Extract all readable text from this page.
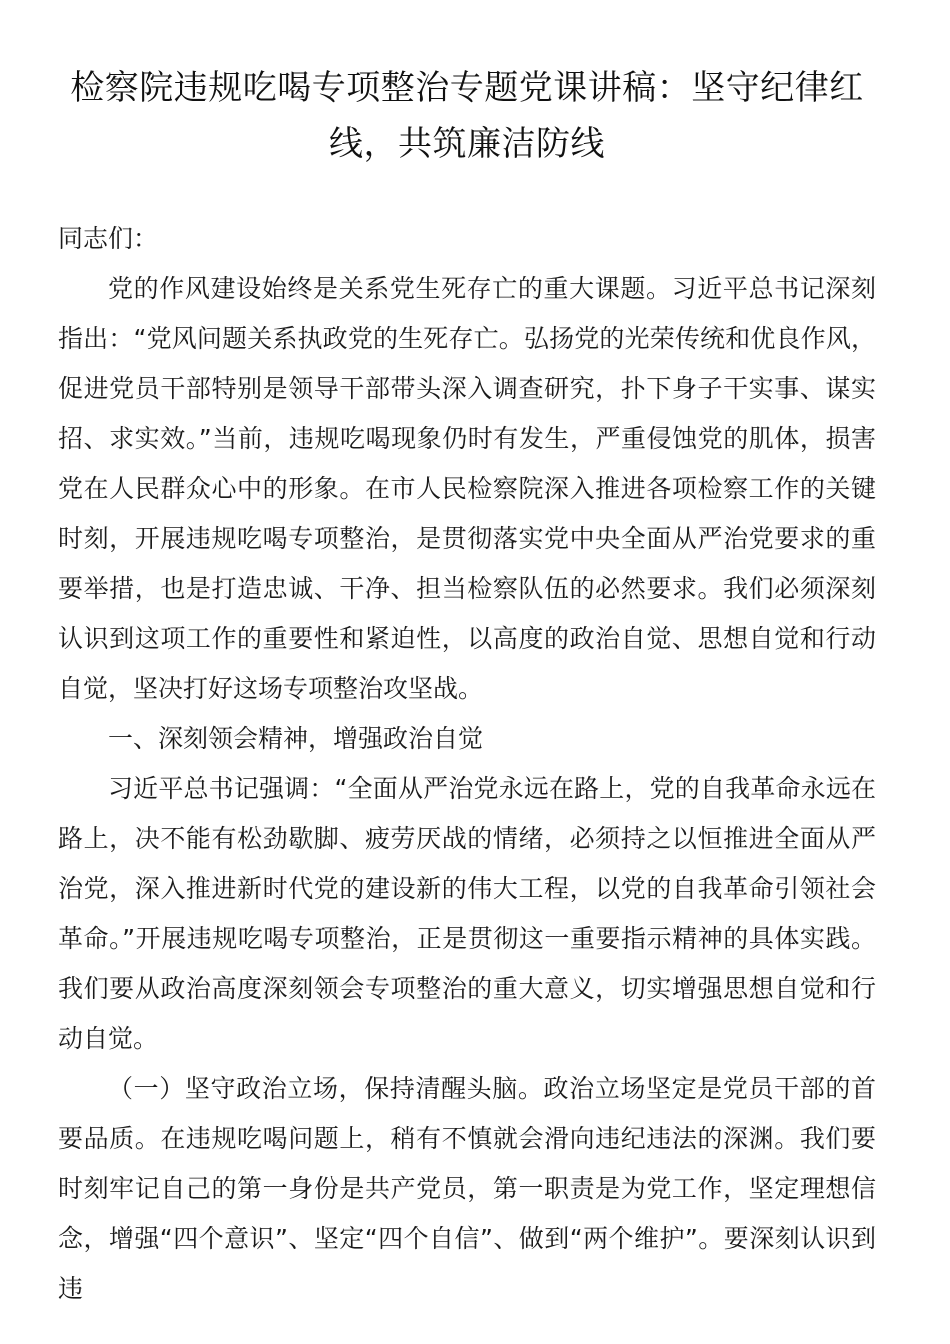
检察院违规吃喝专项整治专题党课讲稿：坚守纪律红线，共筑廉洁防线

同志们：

党的作风建设始终是关系党生死存亡的重大课题。习近平总书记深刻指出：“党风问题关系执政党的生死存亡。弘扬党的光荣传统和优良作风，促进党员干部特别是领导干部带头深入调查研究，扑下身子干实事、谋实招、求实效。”当前，违规吃喝现象仍时有发生，严重侵蚀党的肌体，损害党在人民群众心中的形象。在市人民检察院深入推进各项检察工作的关键时刻，开展违规吃喝专项整治，是贯彻落实党中央全面从严治党要求的重要举措，也是打造忠诚、干净、担当检察队伍的必然要求。我们必须深刻认识到这项工作的重要性和紧迫性，以高度的政治自觉、思想自觉和行动自觉，坚决打好这场专项整治攻坚战。

一、深刻领会精神，增强政治自觉

习近平总书记强调：“全面从严治党永远在路上，党的自我革命永远在路上，决不能有松劲歇脚、疲劳厌战的情绪，必须持之以恒推进全面从严治党，深入推进新时代党的建设新的伟大工程，以党的自我革命引领社会革命。”开展违规吃喝专项整治，正是贯彻这一重要指示精神的具体实践。我们要从政治高度深刻领会专项整治的重大意义，切实增强思想自觉和行动自觉。

（一）坚守政治立场，保持清醒头脑。政治立场坚定是党员干部的首要品质。在违规吃喝问题上，稍有不慎就会滑向违纪违法的深渊。我们要时刻牢记自己的第一身份是共产党员，第一职责是为党工作，坚定理想信念，增强“四个意识”、坚定“四个自信”、做到“两个维护”。要深刻认识到违
